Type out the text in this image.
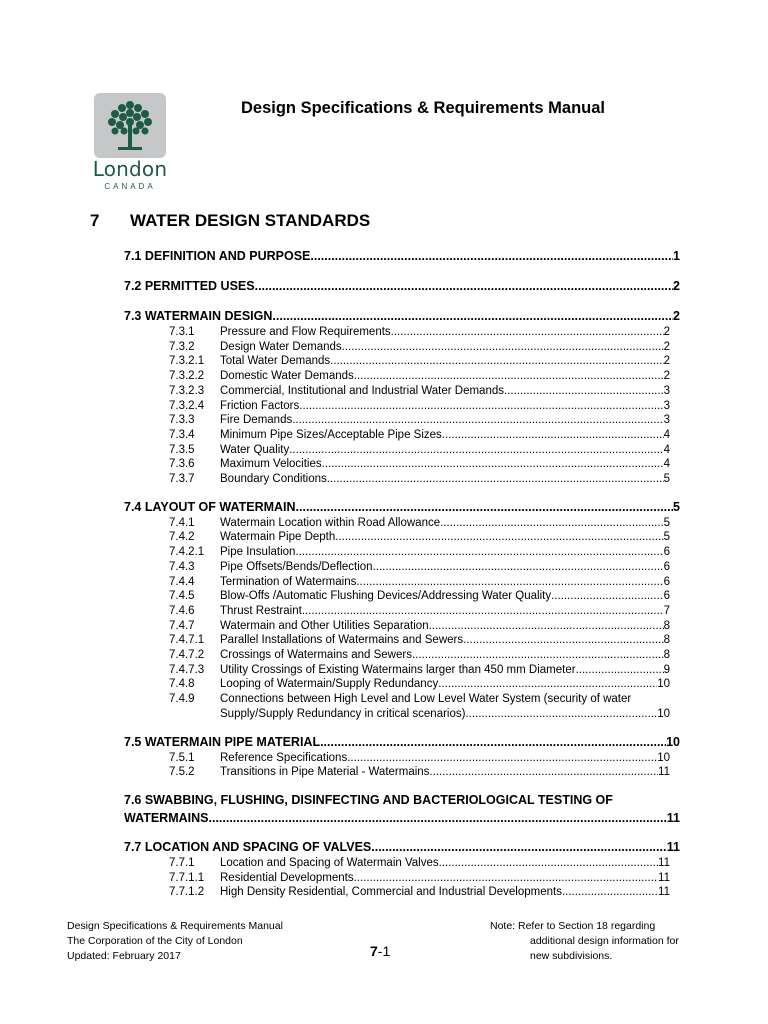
London
CANADA
Design Specifications & Requirements Manual
7 WATER DESIGN STANDARDS
7.1 DEFINITION AND PURPOSE .....	1
7.2 PERMITTED USES .....	2
7.3 WATERMAIN DESIGN .....	2
7.3.1	Pressure and Flow Requirements .....	2
7.3.2	Design Water Demands .....	2
7.3.2.1	Total Water Demands .....	2
7.3.2.2	Domestic Water Demands .....	2
7.3.2.3	Commercial, Institutional and Industrial Water Demands .....	3
7.3.2.4	Friction Factors .....	3
7.3.3	Fire Demands .....	3
7.3.4	Minimum Pipe Sizes/Acceptable Pipe Sizes .....	4
7.3.5	Water Quality .....	4
7.3.6	Maximum Velocities .....	4
7.3.7	Boundary Conditions .....	5
7.4 LAYOUT OF WATERMAIN .....	5
7.4.1	Watermain Location within Road Allowance .....	5
7.4.2	Watermain Pipe Depth .....	5
7.4.2.1	Pipe Insulation .....	6
7.4.3	Pipe Offsets/Bends/Deflection .....	6
7.4.4	Termination of Watermains .....	6
7.4.5	Blow-Offs /Automatic Flushing Devices/Addressing Water Quality .....	6
7.4.6	Thrust Restraint .....	7
7.4.7	Watermain and Other Utilities Separation .....	8
7.4.7.1	Parallel Installations of Watermains and Sewers .....	8
7.4.7.2	Crossings of Watermains and Sewers .....	8
7.4.7.3	Utility Crossings of Existing Watermains larger than 450 mm Diameter .....	9
7.4.8	Looping of Watermain/Supply Redundancy .....	10
7.4.9	Connections between High Level and Low Level Water System (security of water
Supply/Supply Redundancy in critical scenarios) .....	10
7.5 WATERMAIN PIPE MATERIAL .....	10
7.5.1	Reference Specifications .....	10
7.5.2	Transitions in Pipe Material - Watermains .....	11
7.6 SWABBING, FLUSHING, DISINFECTING AND BACTERIOLOGICAL TESTING OF
WATERMAINS .....	11
7.7 LOCATION AND SPACING OF VALVES .....	11
7.7.1	Location and Spacing of Watermain Valves .....	11
7.7.1.1	Residential Developments .....	11
7.7.1.2	High Density Residential, Commercial and Industrial Developments .....	11
Design Specifications & Requirements Manual
The Corporation of the City of London
Updated: February 2017	7-1
Note: Refer to Section 18 regarding
additional design information for
new subdivisions.
